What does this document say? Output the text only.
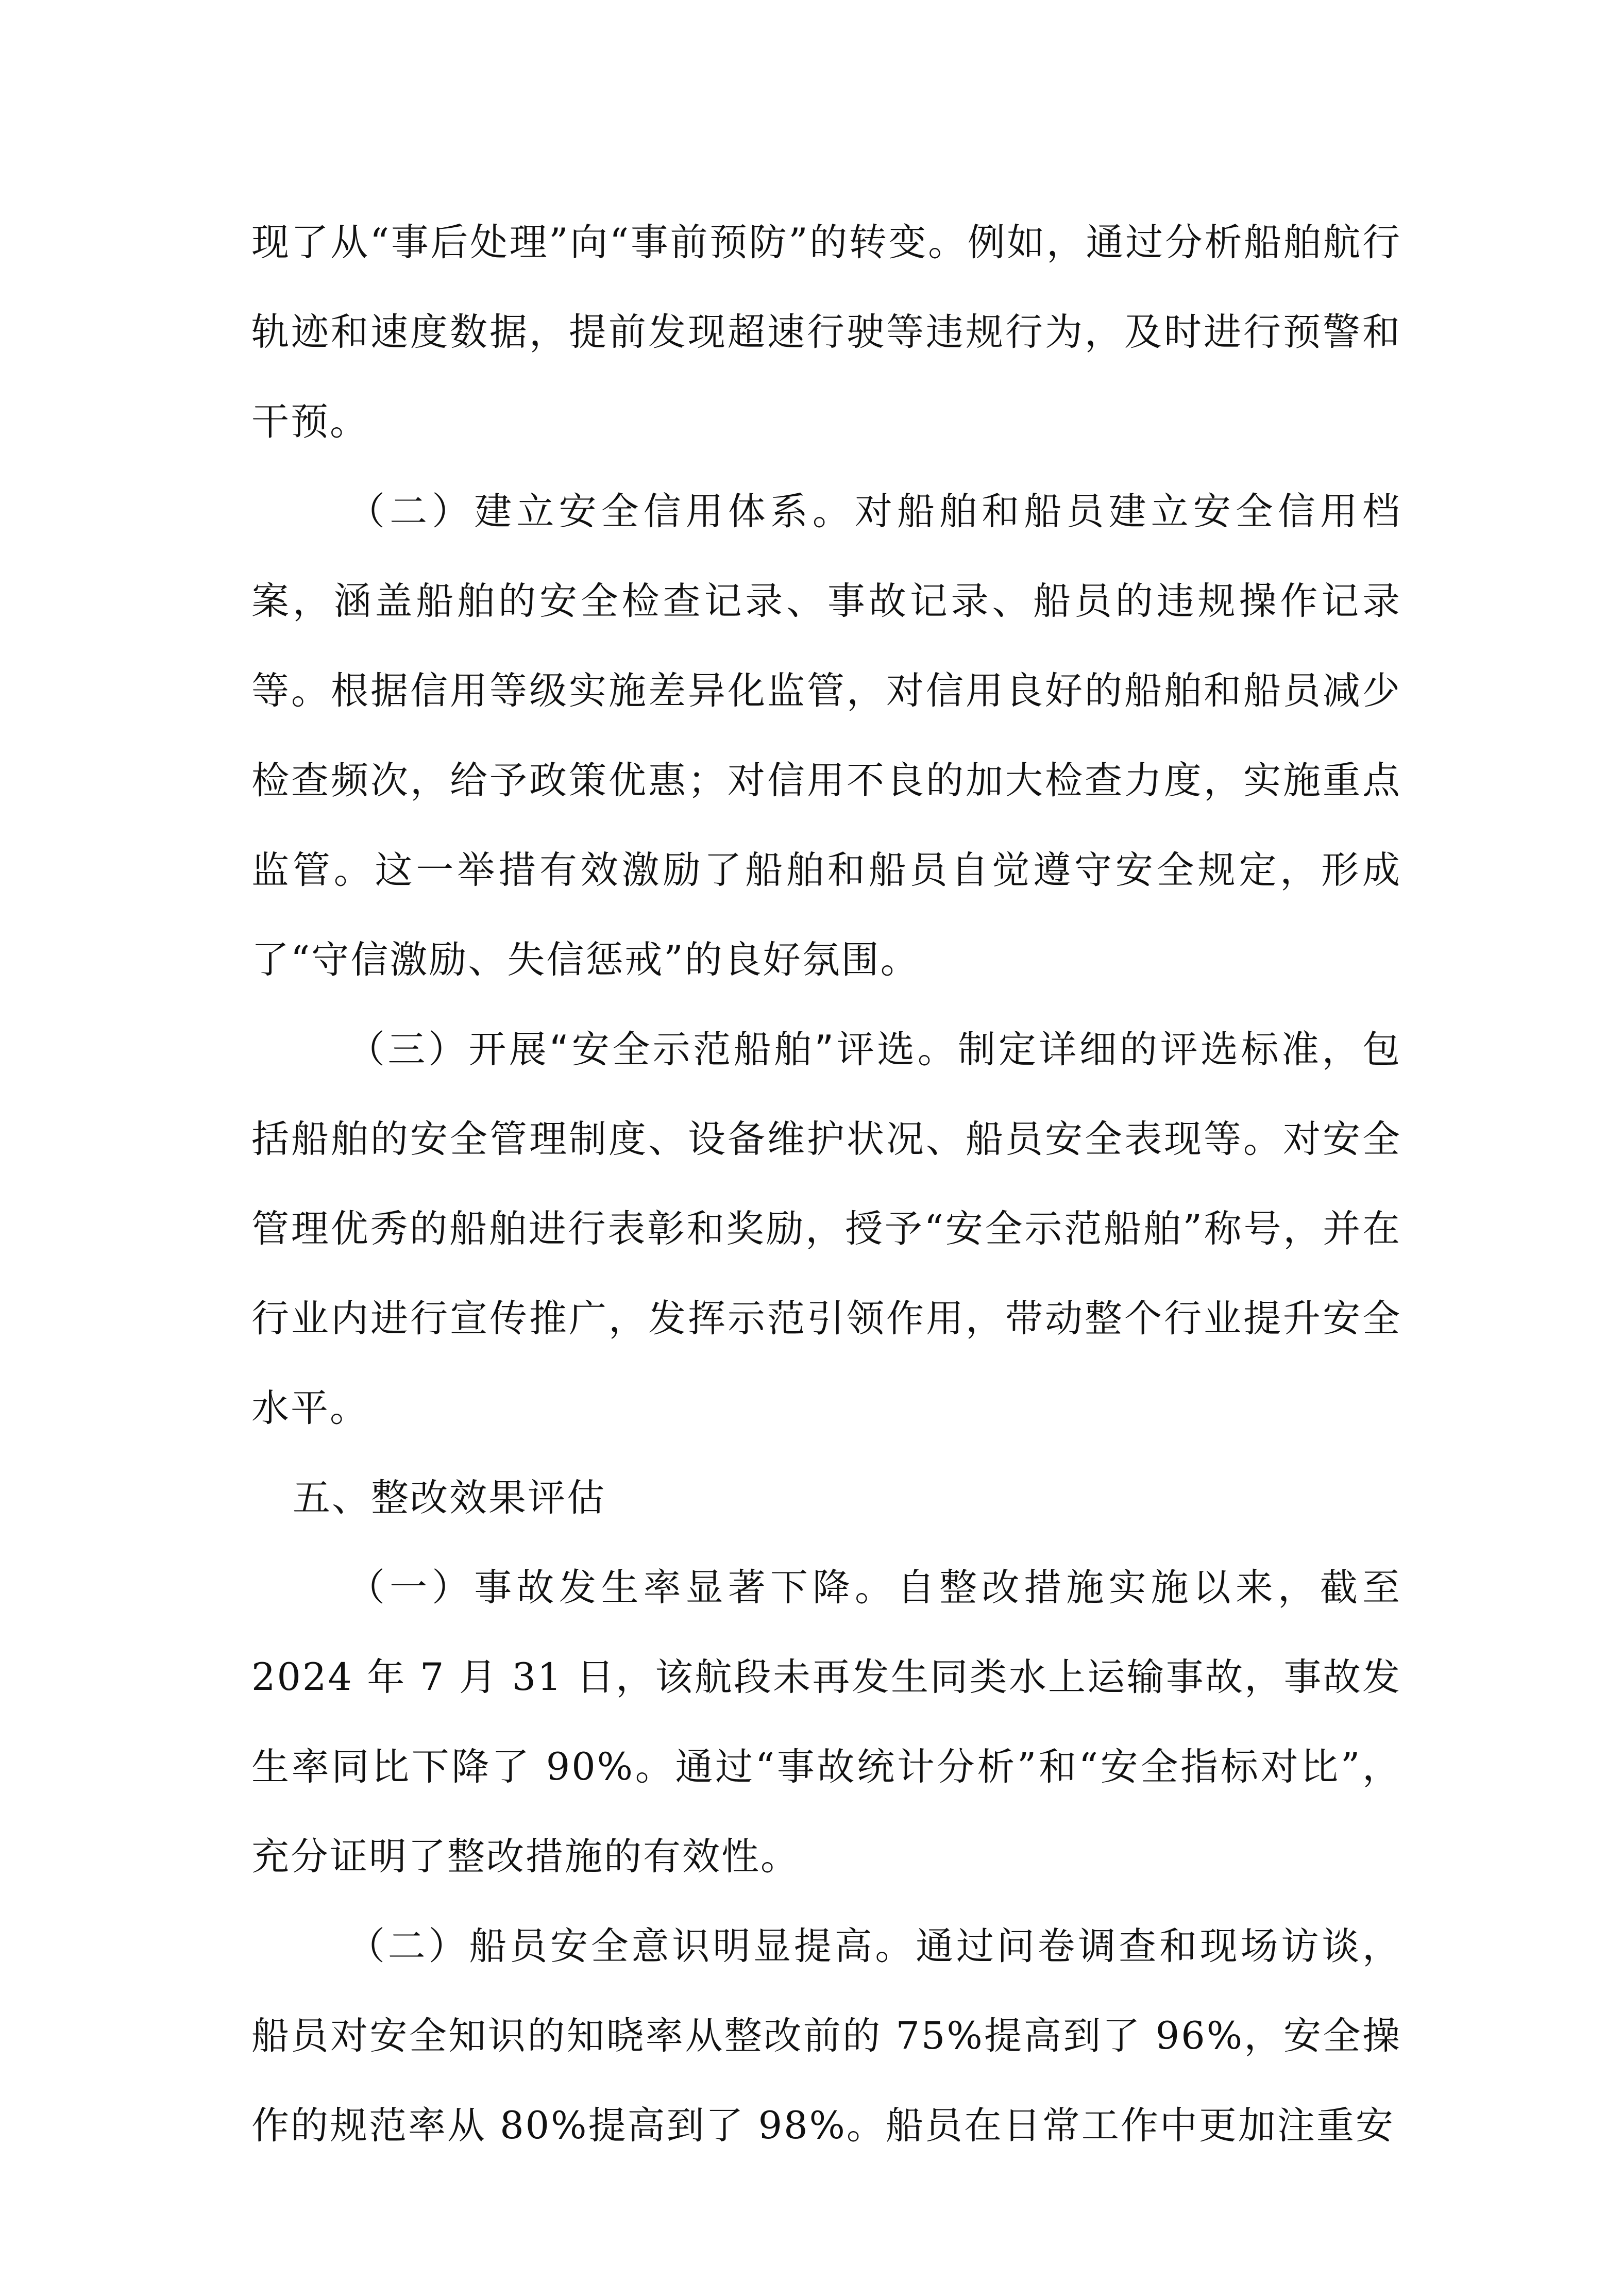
现了从“事后处理”向“事前预防”的转变。例如，通过分析船舶航行轨迹和速度数据，提前发现超速行驶等违规行为，及时进行预警和干预。

（二）建立安全信用体系。对船舶和船员建立安全信用档案，涵盖船舶的安全检查记录、事故记录、船员的违规操作记录等。根据信用等级实施差异化监管，对信用良好的船舶和船员减少检查频次，给予政策优惠；对信用不良的加大检查力度，实施重点监管。这一举措有效激励了船舶和船员自觉遵守安全规定，形成了“守信激励、失信惩戒”的良好氛围。

（三）开展“安全示范船舶”评选。制定详细的评选标准，包括船舶的安全管理制度、设备维护状况、船员安全表现等。对安全管理优秀的船舶进行表彰和奖励，授予“安全示范船舶”称号，并在行业内进行宣传推广，发挥示范引领作用，带动整个行业提升安全水平。

五、整改效果评估

（一）事故发生率显著下降。自整改措施实施以来，截至2024 年 7 月 31 日，该航段未再发生同类水上运输事故，事故发生率同比下降了 90%。通过“事故统计分析”和“安全指标对比”，充分证明了整改措施的有效性。

（二）船员安全意识明显提高。通过问卷调查和现场访谈，船员对安全知识的知晓率从整改前的 75%提高到了 96%，安全操作的规范率从 80%提高到了 98%。船员在日常工作中更加注重安
